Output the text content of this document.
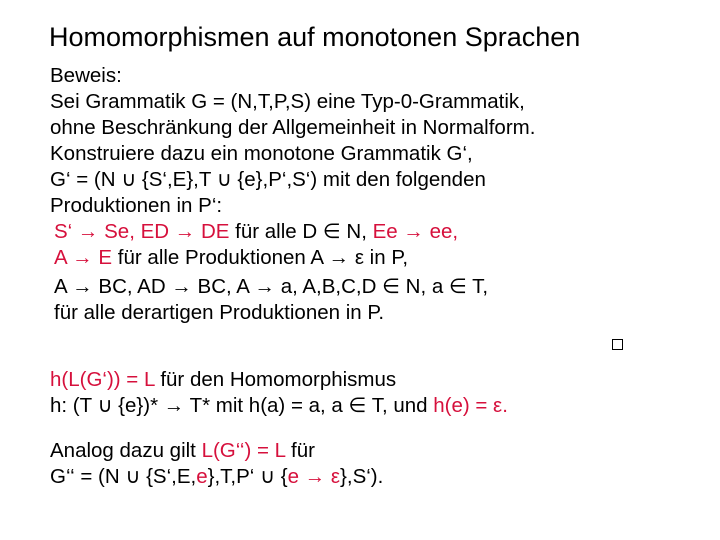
Homomorphismen auf monotonen Sprachen
Beweis:
Sei Grammatik G = (N,T,P,S) eine Typ-0-Grammatik,
ohne Beschränkung der Allgemeinheit in Normalform.
Konstruiere dazu ein monotone Grammatik G‘,
G‘ = (N ∪ {S‘,E},T ∪ {e},P‘,S‘) mit den folgenden
Produktionen in P‘:
S‘ → Se, ED → DE für alle D ∈ N, Ee → ee,
A → E für alle Produktionen A → ε in P,
A → BC, AD → BC, A → a, A,B,C,D ∈ N, a ∈ T,
für alle derartigen Produktionen in P.
h(L(G‘)) = L für den Homomorphismus
h: (T ∪ {e})* → T* mit h(a) = a, a ∈ T, und h(e) = ε.
Analog dazu gilt L(G‘‘) = L für
G‘‘ = (N ∪ {S‘,E,e},T,P‘ ∪ {e → ε},S‘).
